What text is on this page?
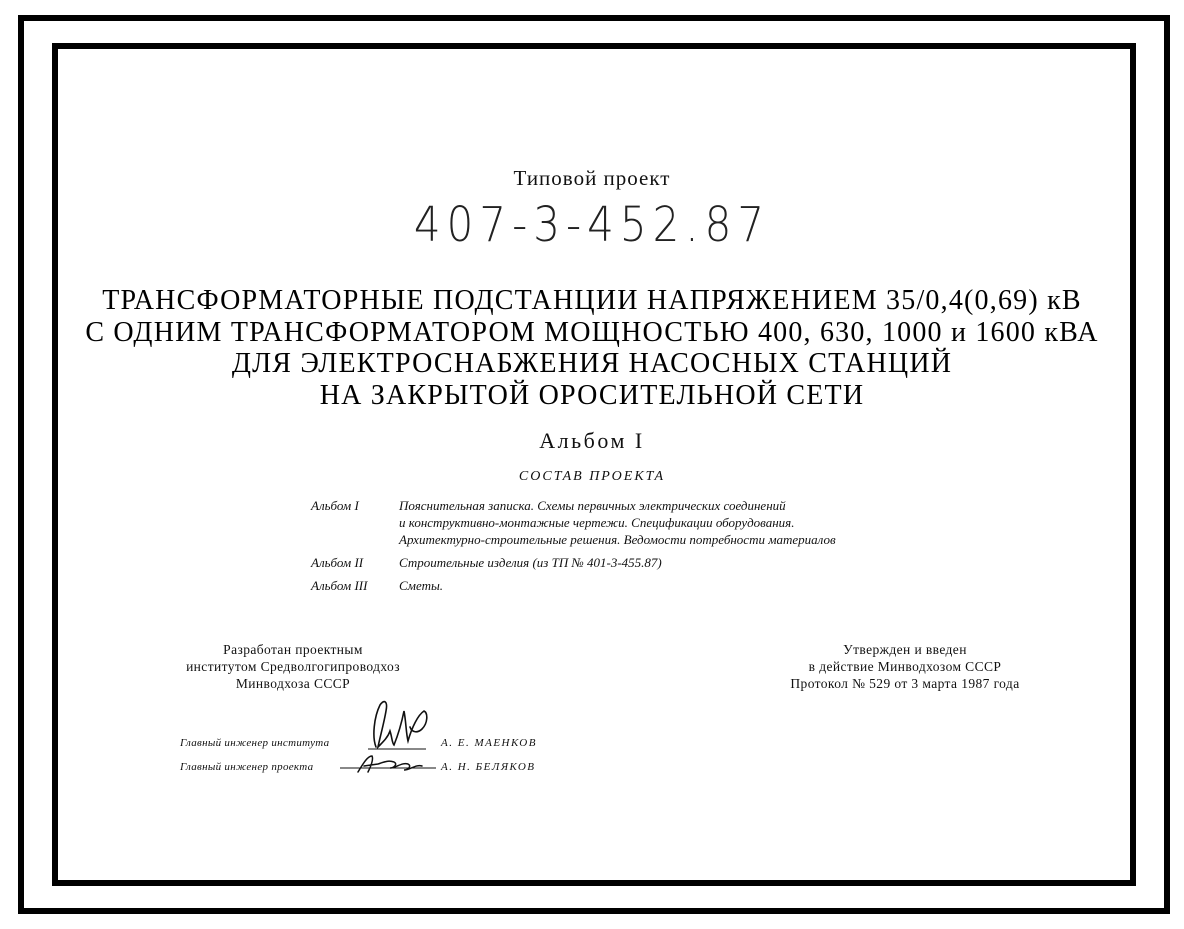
Типовой проект
407-3-452.87
ТРАНСФОРМАТОРНЫЕ ПОДСТАНЦИИ НАПРЯЖЕНИЕМ 35/0,4(0,69) кВ
С ОДНИМ ТРАНСФОРМАТОРОМ МОЩНОСТЬЮ 400, 630, 1000 и 1600 кВА
ДЛЯ ЭЛЕКТРОСНАБЖЕНИЯ НАСОСНЫХ СТАНЦИЙ
НА ЗАКРЫТОЙ ОРОСИТЕЛЬНОЙ СЕТИ
Альбом I
СОСТАВ ПРОЕКТА
Альбом I	Пояснительная записка. Схемы первичных электрических соединений
и конструктивно-монтажные чертежи. Спецификации оборудования.
Архитектурно-строительные решения. Ведомости потребности материалов
Альбом II	Строительные изделия (из ТП № 401-3-455.87)
Альбом III	Сметы.
Разработан проектным
институтом Средволгогипроводхоз
Минводхоза СССР
Утвержден и введен
в действие Минводхозом СССР
Протокол № 529 от 3 марта 1987 года
Главный инженер института	А. Е. МАЕНКОВ
Главный инженер проекта	А. Н. БЕЛЯКОВ
